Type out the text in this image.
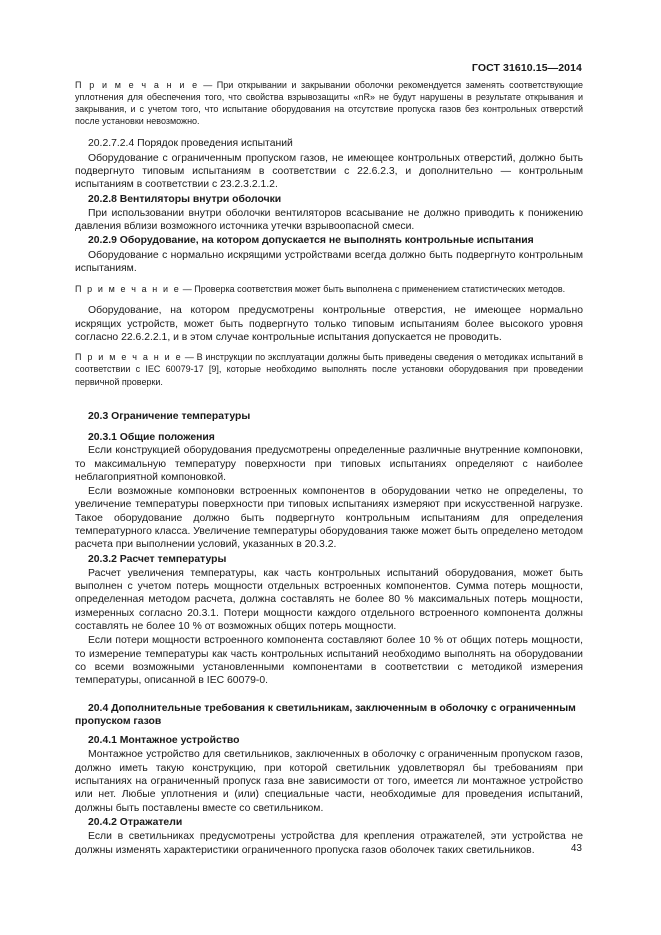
ГОСТ 31610.15—2014

П р и м е ч а н и е — При открывании и закрывании оболочки рекомендуется заменять соответствующие уплотнения для обеспечения того, что свойства взрывозащиты «nR» не будут нарушены в результате открывания и закрывания, и с учетом того, что испытание оборудования на отсутствие пропуска газов без контрольных отверстий после установки невозможно.

20.2.7.2.4 Порядок проведения испытаний

Оборудование с ограниченным пропуском газов, не имеющее контрольных отверстий, должно быть подвергнуто типовым испытаниям в соответствии с 22.6.2.3, и дополнительно — контрольным испытаниям в соответствии с 23.2.3.2.1.2.

20.2.8 Вентиляторы внутри оболочки

При использовании внутри оболочки вентиляторов всасывание не должно приводить к понижению давления вблизи возможного источника утечки взрывоопасной смеси.

20.2.9 Оборудование, на котором допускается не выполнять контрольные испытания

Оборудование с нормально искрящими устройствами всегда должно быть подвергнуто контрольным испытаниям.

П р и м е ч а н и е — Проверка соответствия может быть выполнена с применением статистических методов.

Оборудование, на котором предусмотрены контрольные отверстия, не имеющее нормально искрящих устройств, может быть подвергнуто только типовым испытаниям более высокого уровня согласно 22.6.2.2.1, и в этом случае контрольные испытания допускается не проводить.

П р и м е ч а н и е — В инструкции по эксплуатации должны быть приведены сведения о методиках испытаний в соответствии с IEC 60079-17 [9], которые необходимо выполнять после установки оборудования при проведении первичной проверки.

20.3 Ограничение температуры

20.3.1 Общие положения

Если конструкцией оборудования предусмотрены определенные различные внутренние компоновки, то максимальную температуру поверхности при типовых испытаниях определяют с наиболее неблагоприятной компоновкой.

Если возможные компоновки встроенных компонентов в оборудовании четко не определены, то увеличение температуры поверхности при типовых испытаниях измеряют при искусственной нагрузке. Такое оборудование должно быть подвергнуто контрольным испытаниям для определения температурного класса. Увеличение температуры оборудования также может быть определено методом расчета при выполнении условий, указанных в 20.3.2.

20.3.2 Расчет температуры

Расчет увеличения температуры, как часть контрольных испытаний оборудования, может быть выполнен с учетом потерь мощности отдельных встроенных компонентов. Сумма потерь мощности, определенная методом расчета, должна составлять не более 80 % максимальных потерь мощности, измеренных согласно 20.3.1. Потери мощности каждого отдельного встроенного компонента должны составлять не более 10 % от возможных общих потерь мощности.

Если потери мощности встроенного компонента составляют более 10 % от общих потерь мощности, то измерение температуры как часть контрольных испытаний необходимо выполнять на оборудовании со всеми возможными установленными компонентами в соответствии с методикой измерения температуры, описанной в IEC 60079-0.

20.4 Дополнительные требования к светильникам, заключенным в оболочку с ограниченным пропуском газов

20.4.1 Монтажное устройство

Монтажное устройство для светильников, заключенных в оболочку с ограниченным пропуском газов, должно иметь такую конструкцию, при которой светильник удовлетворял бы требованиям при испытаниях на ограниченный пропуск газа вне зависимости от того, имеется ли монтажное устройство или нет. Любые уплотнения и (или) специальные части, необходимые для проведения испытаний, должны быть поставлены вместе со светильником.

20.4.2 Отражатели

Если в светильниках предусмотрены устройства для крепления отражателей, эти устройства не должны изменять характеристики ограниченного пропуска газов оболочек таких светильников.	43
